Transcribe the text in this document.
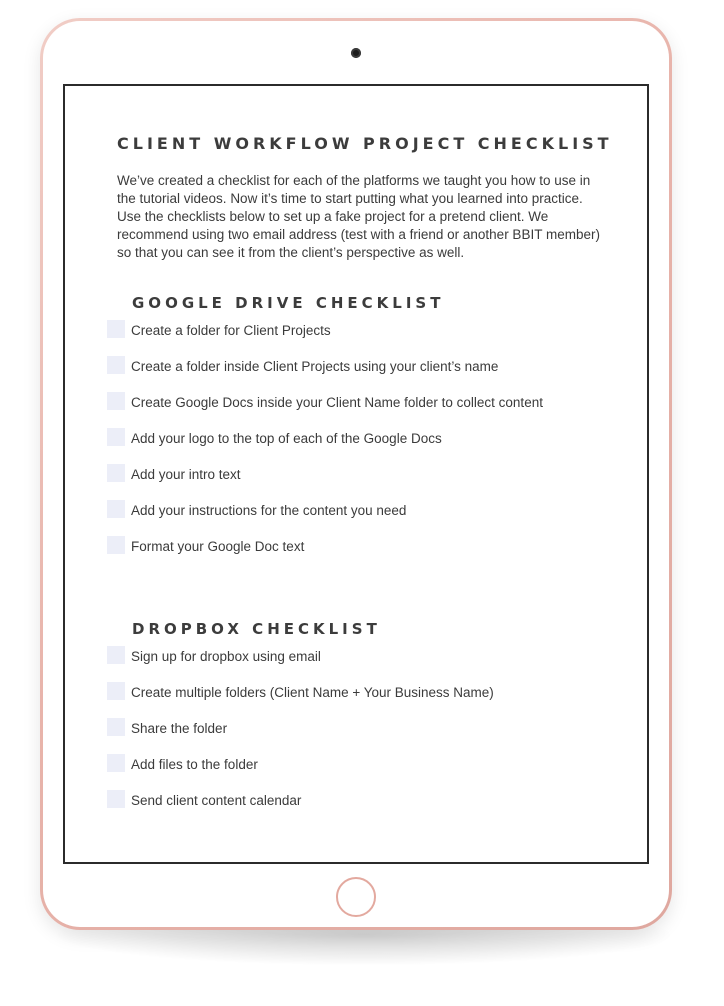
CLIENT WORKFLOW PROJECT CHECKLIST

We’ve created a checklist for each of the platforms we taught you how to use in the tutorial videos. Now it’s time to start putting what you learned into practice. Use the checklists below to set up a fake project for a pretend client. We recommend using two email address (test with a friend or another BBIT member) so that you can see it from the client’s perspective as well.

GOOGLE DRIVE CHECKLIST
Create a folder for Client Projects
Create a folder inside Client Projects using your client’s name
Create Google Docs inside your Client Name folder to collect content
Add your logo to the top of each of the Google Docs
Add your intro text
Add your instructions for the content you need
Format your Google Doc text
DROPBOX CHECKLIST
Sign up for dropbox using email
Create multiple folders (Client Name + Your Business Name)
Share the folder
Add files to the folder
Send client content calendar
